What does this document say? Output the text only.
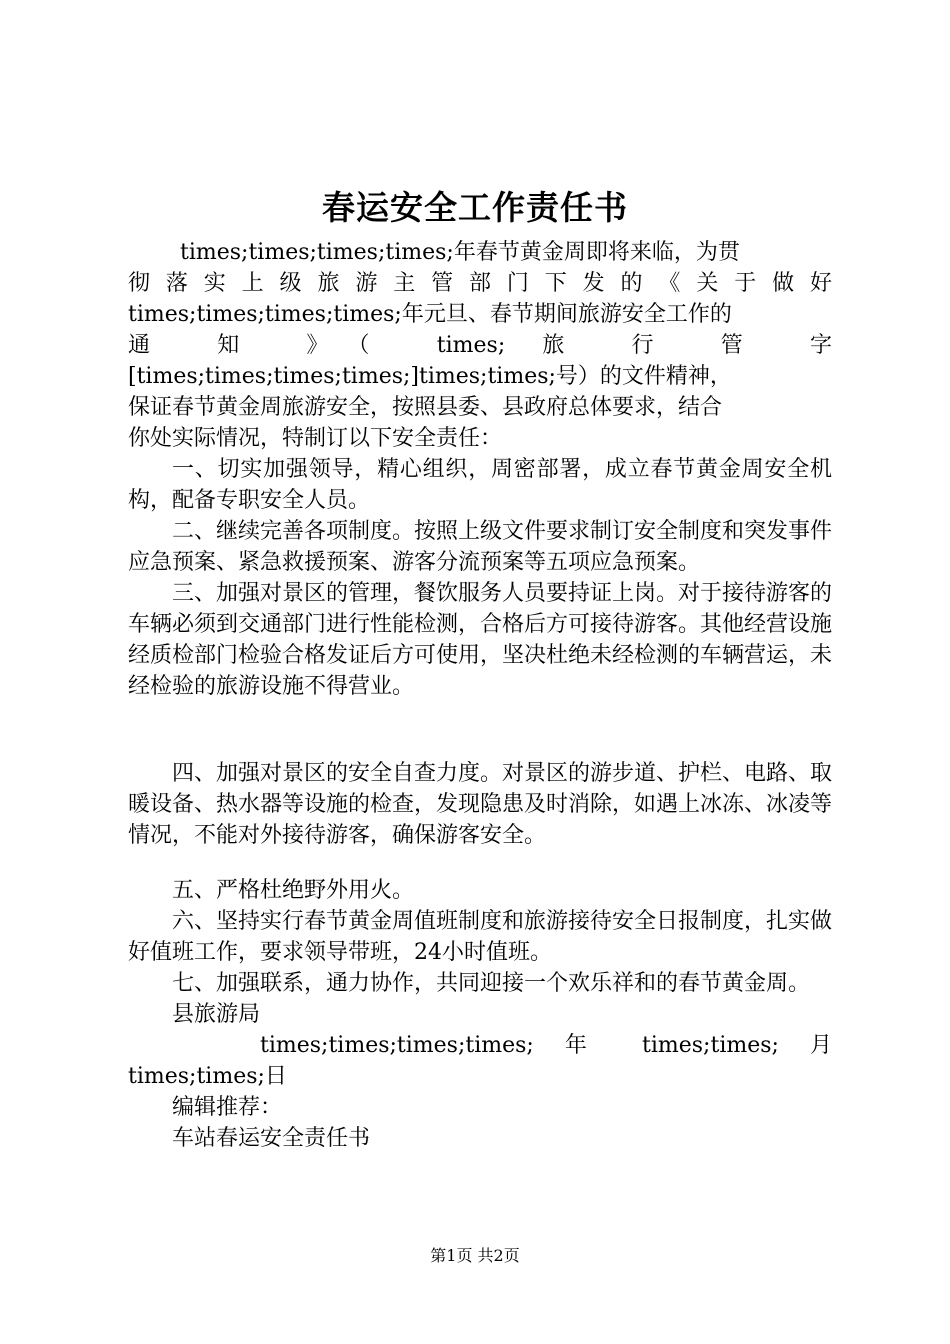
春运安全工作责任书
times;times;times;times;年春节黄金周即将来临，为贯
彻落实上级旅游主管部门下发的《关于做好
times;times;times;times;年元旦、春节期间旅游安全工作的
通 知 》（ times; 旅 行 管 字
[times;times;times;times;]times;times;号）的文件精神，
保证春节黄金周旅游安全，按照县委、县政府总体要求，结合
你处实际情况，特制订以下安全责任：

一、切实加强领导，精心组织，周密部署，成立春节黄金周安全机构，配备专职安全人员。

二、继续完善各项制度。按照上级文件要求制订安全制度和突发事件应急预案、紧急救援预案、游客分流预案等五项应急预案。

三、加强对景区的管理，餐饮服务人员要持证上岗。对于接待游客的车辆必须到交通部门进行性能检测，合格后方可接待游客。其他经营设施经质检部门检验合格发证后方可使用，坚决杜绝未经检测的车辆营运，未经检验的旅游设施不得营业。

四、加强对景区的安全自查力度。对景区的游步道、护栏、电路、取暖设备、热水器等设施的检查，发现隐患及时消除，如遇上冰冻、冰凌等情况，不能对外接待游客，确保游客安全。

五、严格杜绝野外用火。

六、坚持实行春节黄金周值班制度和旅游接待安全日报制度，扎实做好值班工作，要求领导带班，24小时值班。

七、加强联系，通力协作，共同迎接一个欢乐祥和的春节黄金周。

县旅游局

times;times;times;times; 年 times;times; 月
times;times;日

编辑推荐：

车站春运安全责任书

第1页 共2页
